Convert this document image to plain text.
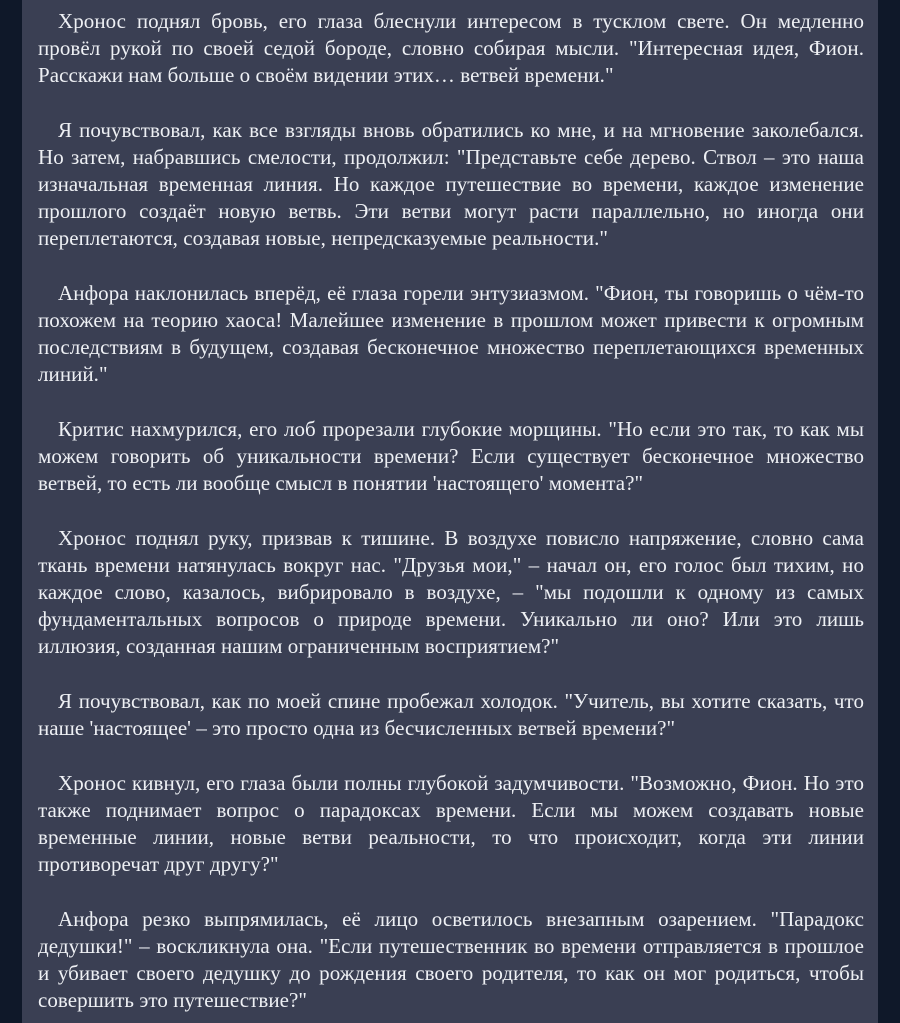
Хронос поднял бровь, его глаза блеснули интересом в тусклом свете. Он медленно провёл рукой по своей седой бороде, словно собирая мысли. "Интересная идея, Фион. Расскажи нам больше о своём видении этих… ветвей времени."

Я почувствовал, как все взгляды вновь обратились ко мне, и на мгновение заколебался. Но затем, набравшись смелости, продолжил: "Представьте себе дерево. Ствол – это наша изначальная временная линия. Но каждое путешествие во времени, каждое изменение прошлого создаёт новую ветвь. Эти ветви могут расти параллельно, но иногда они переплетаются, создавая новые, непредсказуемые реальности."

Анфора наклонилась вперёд, её глаза горели энтузиазмом. "Фион, ты говоришь о чём-то похожем на теорию хаоса! Малейшее изменение в прошлом может привести к огромным последствиям в будущем, создавая бесконечное множество переплетающихся временных линий."

Критис нахмурился, его лоб прорезали глубокие морщины. "Но если это так, то как мы можем говорить об уникальности времени? Если существует бесконечное множество ветвей, то есть ли вообще смысл в понятии 'настоящего' момента?"

Хронос поднял руку, призвав к тишине. В воздухе повисло напряжение, словно сама ткань времени натянулась вокруг нас. "Друзья мои," – начал он, его голос был тихим, но каждое слово, казалось, вибрировало в воздухе, – "мы подошли к одному из самых фундаментальных вопросов о природе времени. Уникально ли оно? Или это лишь иллюзия, созданная нашим ограниченным восприятием?"

Я почувствовал, как по моей спине пробежал холодок. "Учитель, вы хотите сказать, что наше 'настоящее' – это просто одна из бесчисленных ветвей времени?"

Хронос кивнул, его глаза были полны глубокой задумчивости. "Возможно, Фион. Но это также поднимает вопрос о парадоксах времени. Если мы можем создавать новые временные линии, новые ветви реальности, то что происходит, когда эти линии противоречат друг другу?"

Анфора резко выпрямилась, её лицо осветилось внезапным озарением. "Парадокс дедушки!" – воскликнула она. "Если путешественник во времени отправляется в прошлое и убивает своего дедушку до рождения своего родителя, то как он мог родиться, чтобы совершить это путешествие?"
